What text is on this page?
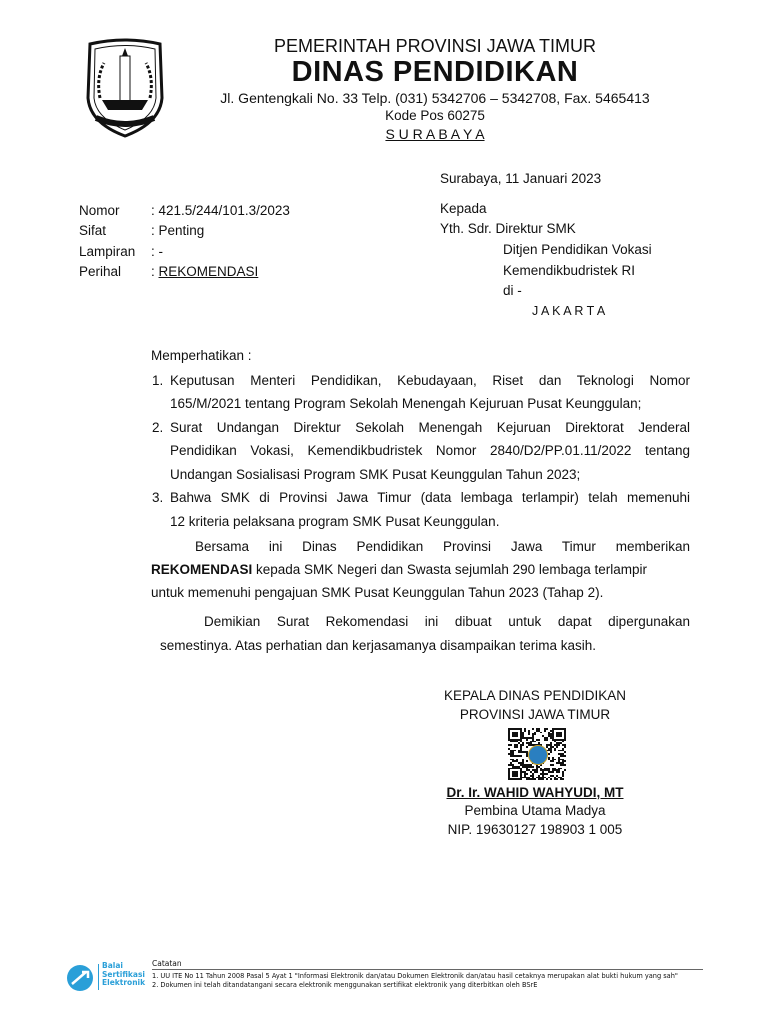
PEMERINTAH PROVINSI JAWA TIMUR
DINAS PENDIDIKAN
Jl. Gentengkali No. 33 Telp. (031) 5342706 – 5342708, Fax. 5465413
Kode Pos 60275
S U R A B A Y A
Surabaya, 11 Januari 2023
Nomor : 421.5/244/101.3/2023
Sifat	: Penting
Lampiran : -
Perihal : REKOMENDASI
Kepada
Yth. Sdr. Direktur SMK
Ditjen Pendidikan Vokasi
Kemendikbudristek RI
di -
J A K A R T A
Memperhatikan :
1. Keputusan Menteri Pendidikan, Kebudayaan, Riset dan Teknologi Nomor
165/M/2021 tentang Program Sekolah Menengah Kejuruan Pusat Keunggulan;
2. Surat Undangan Direktur Sekolah Menengah Kejuruan Direktorat Jenderal
Pendidikan Vokasi, Kemendikbudristek Nomor 2840/D2/PP.01.11/2022 tentang
Undangan Sosialisasi Program SMK Pusat Keunggulan Tahun 2023;
3. Bahwa SMK di Provinsi Jawa Timur (data lembaga terlampir) telah memenuhi
12 kriteria pelaksana program SMK Pusat Keunggulan.
Bersama ini Dinas Pendidikan Provinsi Jawa Timur memberikan
REKOMENDASI kepada SMK Negeri dan Swasta sejumlah 290 lembaga terlampir
untuk memenuhi pengajuan SMK Pusat Keunggulan Tahun 2023 (Tahap 2).
Demikian Surat Rekomendasi ini dibuat untuk dapat dipergunakan
semestinya. Atas perhatian dan kerjasamanya disampaikan terima kasih.
KEPALA DINAS PENDIDIKAN
PROVINSI JAWA TIMUR
Dr. Ir. WAHID WAHYUDI, MT
Pembina Utama Madya
NIP. 19630127 198903 1 005
Balai
Sertifikasi
Elektronik
Catatan
1. UU ITE No 11 Tahun 2008 Pasal 5 Ayat 1 "Informasi Elektronik dan/atau Dokumen Elektronik dan/atau hasil cetaknya merupakan alat bukti hukum yang sah"
2. Dokumen ini telah ditandatangani secara elektronik menggunakan sertifikat elektronik yang diterbitkan oleh BSrE
